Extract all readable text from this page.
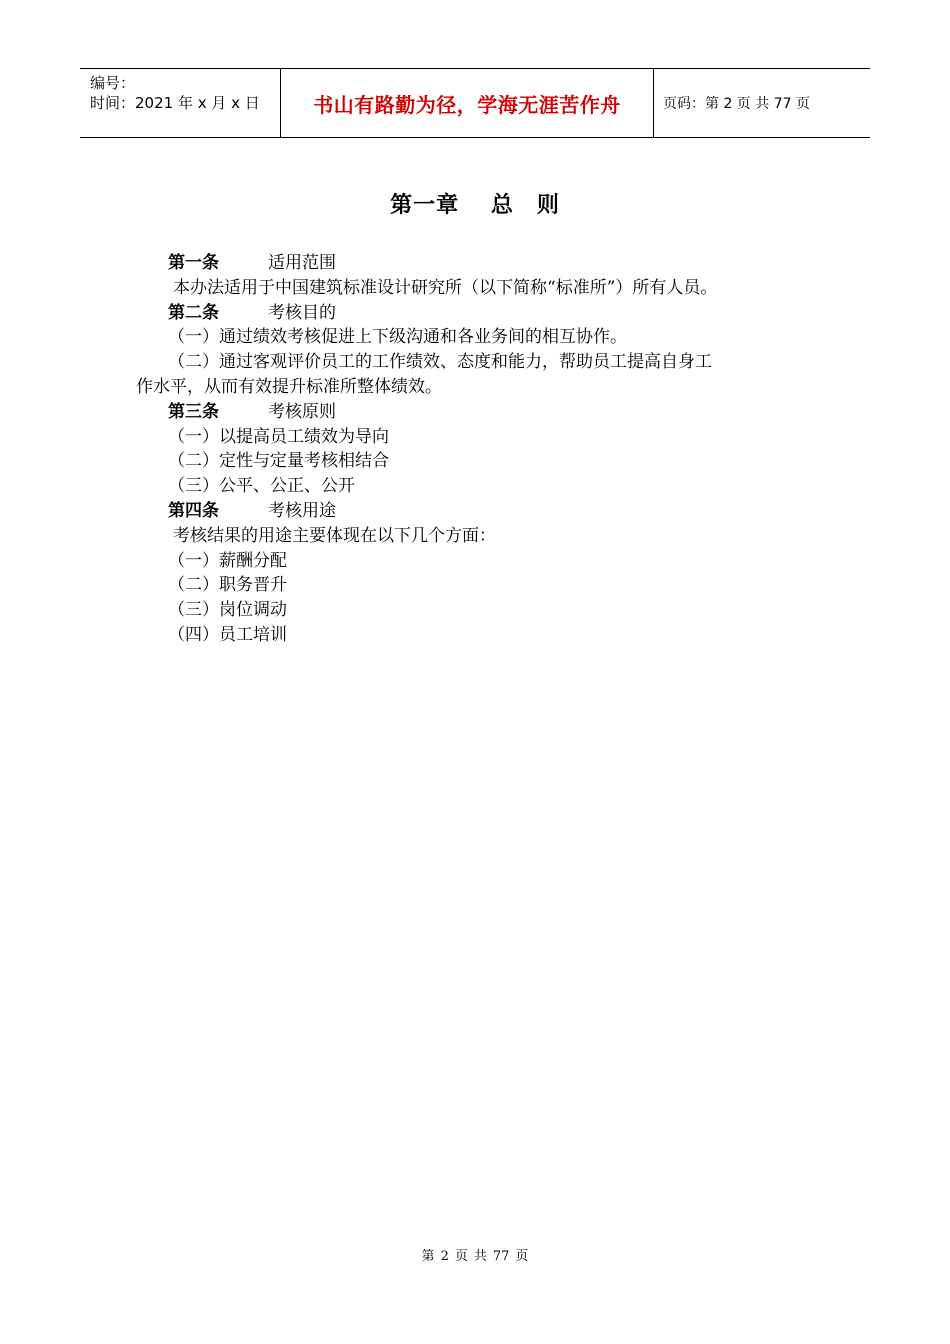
编号：
时间：2021 年 x 月 x 日	书山有路勤为径，学海无涯苦作舟	页码：第 2 页 共 77 页
第一章　 总　则
第一条	适用范围
本办法适用于中国建筑标准设计研究所（以下简称“标准所”）所有人员。
第二条	考核目的
（一）通过绩效考核促进上下级沟通和各业务间的相互协作。
（二）通过客观评价员工的工作绩效、态度和能力，帮助员工提高自身工
作水平，从而有效提升标准所整体绩效。
第三条	考核原则
（一）以提高员工绩效为导向
（二）定性与定量考核相结合
（三）公平、公正、公开
第四条	考核用途
考核结果的用途主要体现在以下几个方面：
（一）薪酬分配
（二）职务晋升
（三）岗位调动
（四）员工培训
第 2 页 共 77 页
